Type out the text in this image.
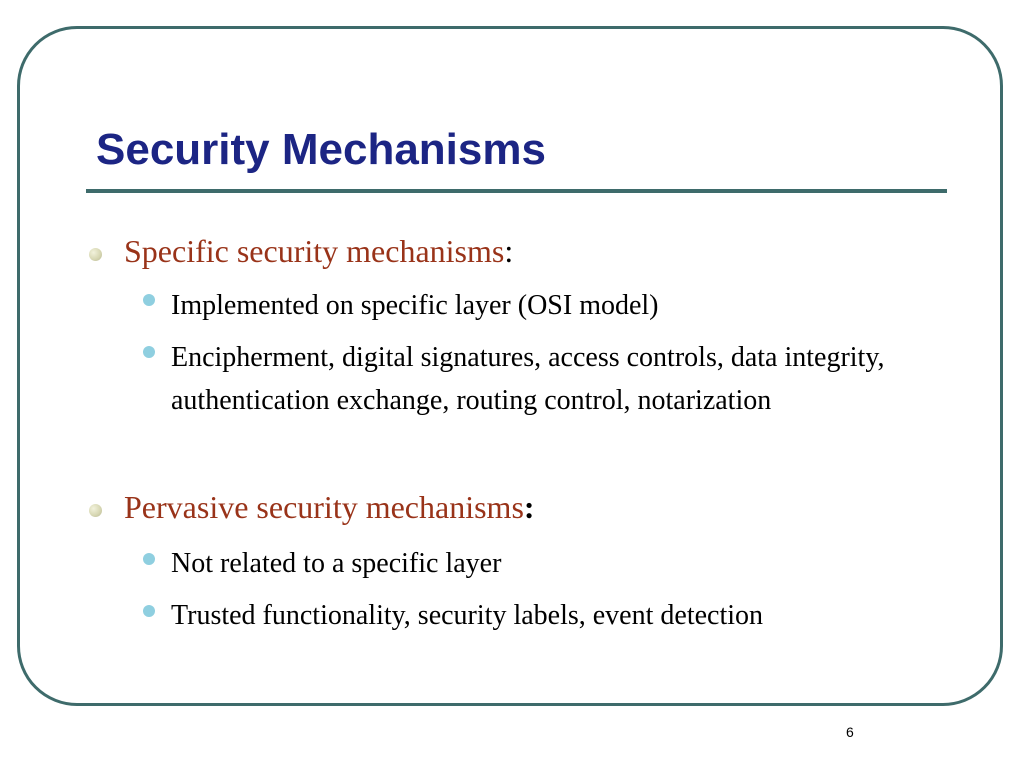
Security Mechanisms
Specific security mechanisms:
Implemented on specific layer (OSI model)
Encipherment, digital signatures, access controls, data integrity, authentication exchange, routing control, notarization
Pervasive security mechanisms:
Not related to a specific layer
Trusted functionality, security labels, event detection
6
